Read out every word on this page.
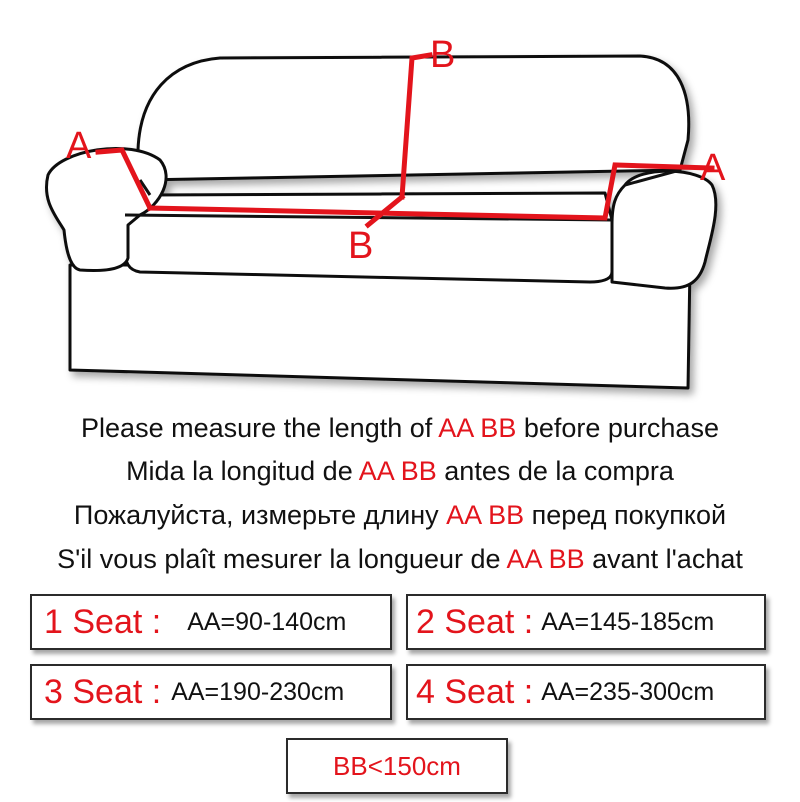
A
B
A
B
Please measure the length of AA BB before purchase
Mida la longitud de AA BB antes de la compra
Пожалуйста, измерьте длину AA BB перед покупкой
S'il vous plaît mesurer la longueur de AA BB avant l'achat
1 Seat : AA=90-140cm 2 Seat : AA=145-185cm
3 Seat : AA=190-230cm 4 Seat : AA=235-300cm
BB<150cm
